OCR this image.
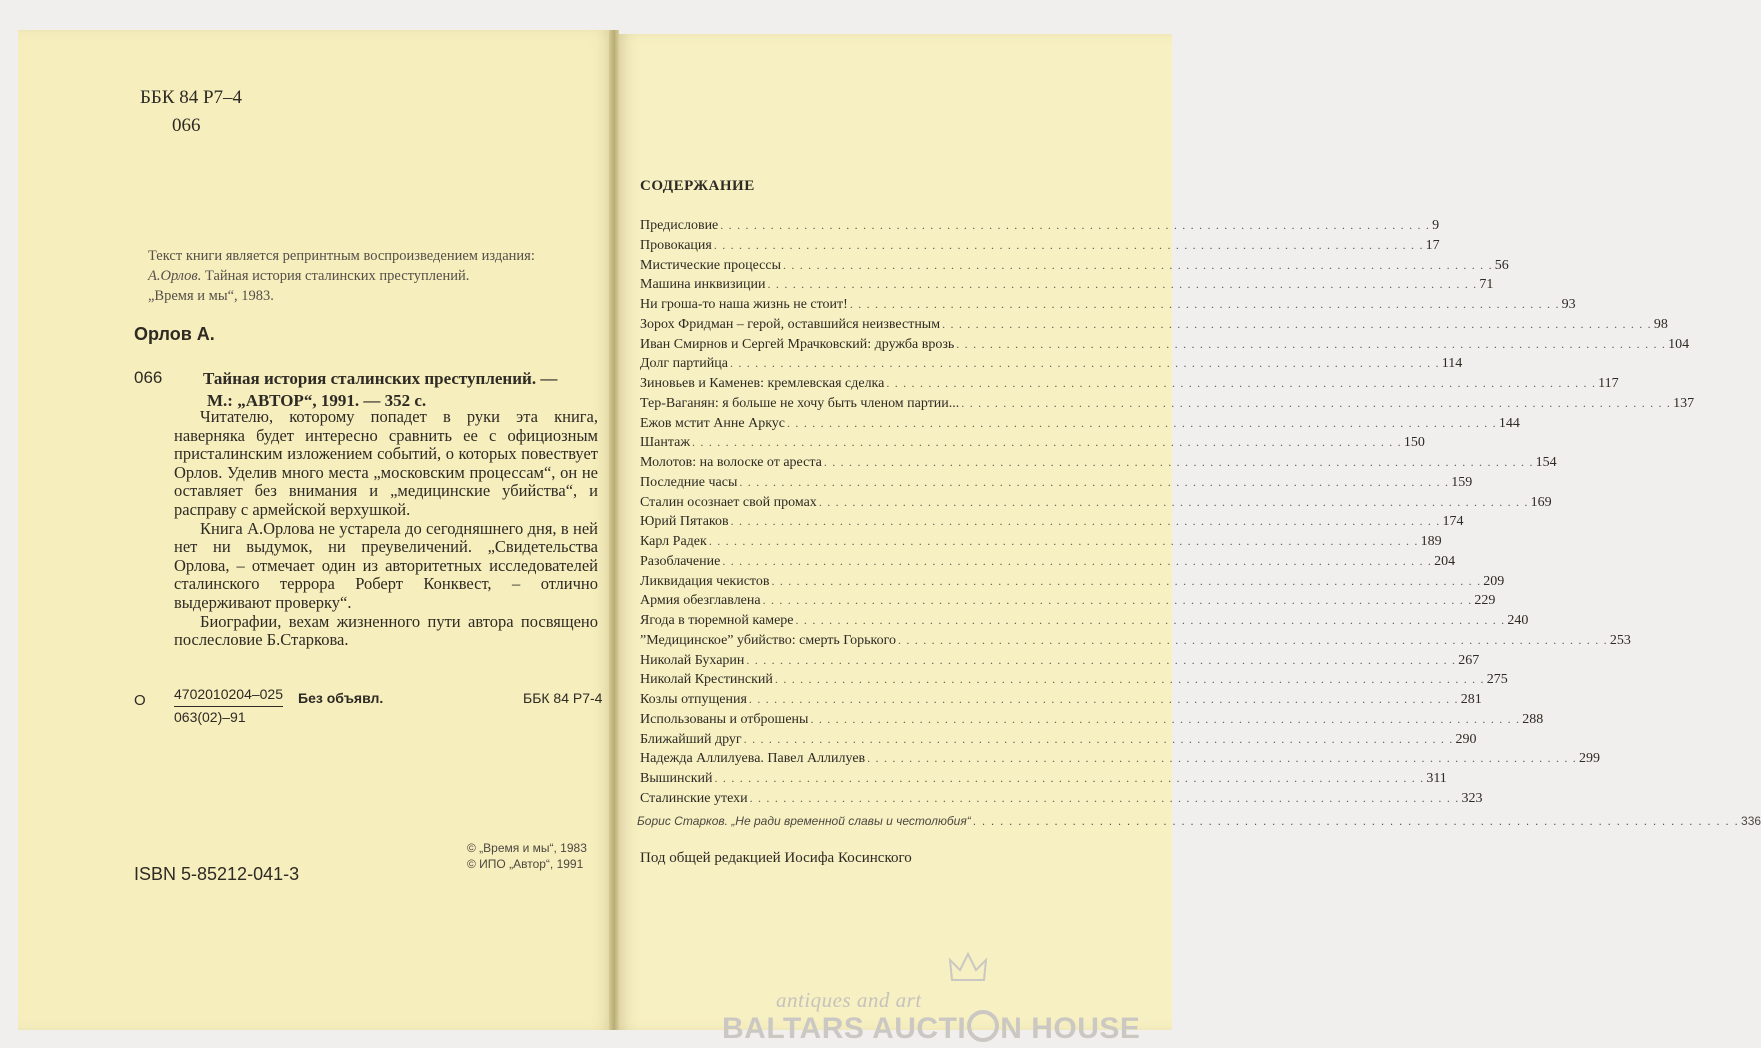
ББК 84 Р7–4
066
Текст книги является репринтным воспроизведением издания:
А.Орлов. Тайная история сталинских преступлений.
„Время и мы“, 1983.
Орлов А.
066 Тайная история сталинских преступлений. —
М.: „АВТОР“, 1991. — 352 с.

Читателю, которому попадет в руки эта книга, наверняка будет интересно сравнить ее с официозным присталинским изложением событий, о которых повествует Орлов. Уделив много места „московским процессам“, он не оставляет без внимания и „медицинские убийства“, и расправу с армейской верхушкой.

Книга А.Орлова не устарела до сегодняшнего дня, в ней нет ни выдумок, ни преувеличений. „Свидетельства Орлова, – отмечает один из авторитетных исследователей сталинского террора Роберт Конквест, – отлично выдерживают проверку“.

Биографии, вехам жизненного пути автора посвящено послесловие Б.Старкова.

О 4702010204–025
063(02)–91
Без объявл.	ББК 84 Р7-4
© „Время и мы“, 1983
© ИПО „Автор“, 1991
ISBN 5-85212-041-3
СОДЕРЖАНИЕ
Предисловие . . . . . . . . . . . . . . . . . . . . . . . . . . . . . . . . . . . . . . . . . . . . . . . . . . . . . . . . . . . . . . . . . . . . . . . . . . . . . . . . . . . . . 9
Провокация . . . . . . . . . . . . . . . . . . . . . . . . . . . . . . . . . . . . . . . . . . . . . . . . . . . . . . . . . . . . . . . . . . . . . . . . . . . . . . . . . . . . . 17
Мистические процессы . . . . . . . . . . . . . . . . . . . . . . . . . . . . . . . . . . . . . . . . . . . . . . . . . . . . . . . . . . . . . . . . . . . . . . . . . . . . . . . . . . . . . 56
Машина инквизиции . . . . . . . . . . . . . . . . . . . . . . . . . . . . . . . . . . . . . . . . . . . . . . . . . . . . . . . . . . . . . . . . . . . . . . . . . . . . . . . . . . . . . 71
Ни гроша-то наша жизнь не стоит! . . . . . . . . . . . . . . . . . . . . . . . . . . . . . . . . . . . . . . . . . . . . . . . . . . . . . . . . . . . . . . . . . . . . . . . . . . . . . . . . . . . . . 93
Зорох Фридман – герой, оставшийся неизвестным . . . . . . . . . . . . . . . . . . . . . . . . . . . . . . . . . . . . . . . . . . . . . . . . . . . . . . . . . . . . . . . . . . . . . . . . . . . . . . . . . . . . . 98
Иван Смирнов и Сергей Мрачковский: дружба врозь . . . . . . . . . . . . . . . . . . . . . . . . . . . . . . . . . . . . . . . . . . . . . . . . . . . . . . . . . . . . . . . . . . . . . . . . . . . . . . . . . . . . . 104
Долг партийца . . . . . . . . . . . . . . . . . . . . . . . . . . . . . . . . . . . . . . . . . . . . . . . . . . . . . . . . . . . . . . . . . . . . . . . . . . . . . . . . . . . . . 114
Зиновьев и Каменев: кремлевская сделка . . . . . . . . . . . . . . . . . . . . . . . . . . . . . . . . . . . . . . . . . . . . . . . . . . . . . . . . . . . . . . . . . . . . . . . . . . . . . . . . . . . . . 117
Тер-Ваганян: я больше не хочу быть членом партии... . . . . . . . . . . . . . . . . . . . . . . . . . . . . . . . . . . . . . . . . . . . . . . . . . . . . . . . . . . . . . . . . . . . . . . . . . . . . . . . . . . . . . 137
Ежов мстит Анне Аркус . . . . . . . . . . . . . . . . . . . . . . . . . . . . . . . . . . . . . . . . . . . . . . . . . . . . . . . . . . . . . . . . . . . . . . . . . . . . . . . . . . . . . 144
Шантаж . . . . . . . . . . . . . . . . . . . . . . . . . . . . . . . . . . . . . . . . . . . . . . . . . . . . . . . . . . . . . . . . . . . . . . . . . . . . . . . . . . . . . 150
Молотов: на волоске от ареста . . . . . . . . . . . . . . . . . . . . . . . . . . . . . . . . . . . . . . . . . . . . . . . . . . . . . . . . . . . . . . . . . . . . . . . . . . . . . . . . . . . . . 154
Последние часы . . . . . . . . . . . . . . . . . . . . . . . . . . . . . . . . . . . . . . . . . . . . . . . . . . . . . . . . . . . . . . . . . . . . . . . . . . . . . . . . . . . . . 159
Сталин осознает свой промах . . . . . . . . . . . . . . . . . . . . . . . . . . . . . . . . . . . . . . . . . . . . . . . . . . . . . . . . . . . . . . . . . . . . . . . . . . . . . . . . . . . . . 169
Юрий Пятаков . . . . . . . . . . . . . . . . . . . . . . . . . . . . . . . . . . . . . . . . . . . . . . . . . . . . . . . . . . . . . . . . . . . . . . . . . . . . . . . . . . . . . 174
Карл Радек . . . . . . . . . . . . . . . . . . . . . . . . . . . . . . . . . . . . . . . . . . . . . . . . . . . . . . . . . . . . . . . . . . . . . . . . . . . . . . . . . . . . . 189
Разоблачение . . . . . . . . . . . . . . . . . . . . . . . . . . . . . . . . . . . . . . . . . . . . . . . . . . . . . . . . . . . . . . . . . . . . . . . . . . . . . . . . . . . . . 204
Ликвидация чекистов . . . . . . . . . . . . . . . . . . . . . . . . . . . . . . . . . . . . . . . . . . . . . . . . . . . . . . . . . . . . . . . . . . . . . . . . . . . . . . . . . . . . . 209
Армия обезглавлена . . . . . . . . . . . . . . . . . . . . . . . . . . . . . . . . . . . . . . . . . . . . . . . . . . . . . . . . . . . . . . . . . . . . . . . . . . . . . . . . . . . . . 229
Ягода в тюремной камере . . . . . . . . . . . . . . . . . . . . . . . . . . . . . . . . . . . . . . . . . . . . . . . . . . . . . . . . . . . . . . . . . . . . . . . . . . . . . . . . . . . . . 240
”Медицинское” убийство: смерть Горького . . . . . . . . . . . . . . . . . . . . . . . . . . . . . . . . . . . . . . . . . . . . . . . . . . . . . . . . . . . . . . . . . . . . . . . . . . . . . . . . . . . . . 253
Николай Бухарин . . . . . . . . . . . . . . . . . . . . . . . . . . . . . . . . . . . . . . . . . . . . . . . . . . . . . . . . . . . . . . . . . . . . . . . . . . . . . . . . . . . . . 267
Николай Крестинский . . . . . . . . . . . . . . . . . . . . . . . . . . . . . . . . . . . . . . . . . . . . . . . . . . . . . . . . . . . . . . . . . . . . . . . . . . . . . . . . . . . . . 275
Козлы отпущения . . . . . . . . . . . . . . . . . . . . . . . . . . . . . . . . . . . . . . . . . . . . . . . . . . . . . . . . . . . . . . . . . . . . . . . . . . . . . . . . . . . . . 281
Использованы и отброшены . . . . . . . . . . . . . . . . . . . . . . . . . . . . . . . . . . . . . . . . . . . . . . . . . . . . . . . . . . . . . . . . . . . . . . . . . . . . . . . . . . . . . 288
Ближайший друг . . . . . . . . . . . . . . . . . . . . . . . . . . . . . . . . . . . . . . . . . . . . . . . . . . . . . . . . . . . . . . . . . . . . . . . . . . . . . . . . . . . . . 290
Надежда Аллилуева. Павел Аллилуев . . . . . . . . . . . . . . . . . . . . . . . . . . . . . . . . . . . . . . . . . . . . . . . . . . . . . . . . . . . . . . . . . . . . . . . . . . . . . . . . . . . . . 299
Вышинский . . . . . . . . . . . . . . . . . . . . . . . . . . . . . . . . . . . . . . . . . . . . . . . . . . . . . . . . . . . . . . . . . . . . . . . . . . . . . . . . . . . . . 311
Сталинские утехи . . . . . . . . . . . . . . . . . . . . . . . . . . . . . . . . . . . . . . . . . . . . . . . . . . . . . . . . . . . . . . . . . . . . . . . . . . . . . . . . . . . . . 323
Борис Старков. „Не ради временной славы и честолюбия“ . . . . . . . . . . . . . . . . . . . . . . . . . . . . . . . . . . . . . . . . . . . . . . . . . . . . . . . . . . . . . . . . . . . . . . . . . . . . . . . . . . . . . 336
Под общей редакцией Иосифа Косинского
antiques and art
BALTARS AUCTI N HOUSE
